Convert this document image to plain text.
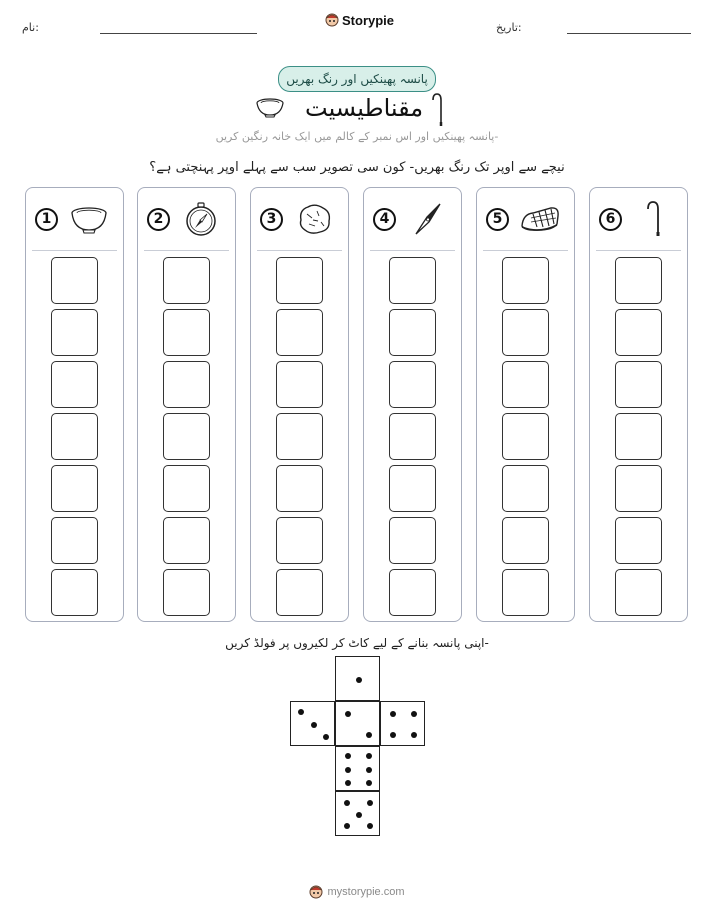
نام:	Storypie	تاریخ:
پانسہ پھینکیں اور رنگ بھریں
مقناطیسیت
پانسہ پھینکیں اور اس نمبر کے کالم میں ایک خانہ رنگین کریں-
نیچے سے اوپر تک رنگ بھریں- کون سی تصویر سب سے پہلے اوپر پہنچتی ہے؟
1	2	3	4	5	6
اپنی پانسہ بنانے کے لیے کاٹ کر لکیروں پر فولڈ کریں-
mystorypie.com
